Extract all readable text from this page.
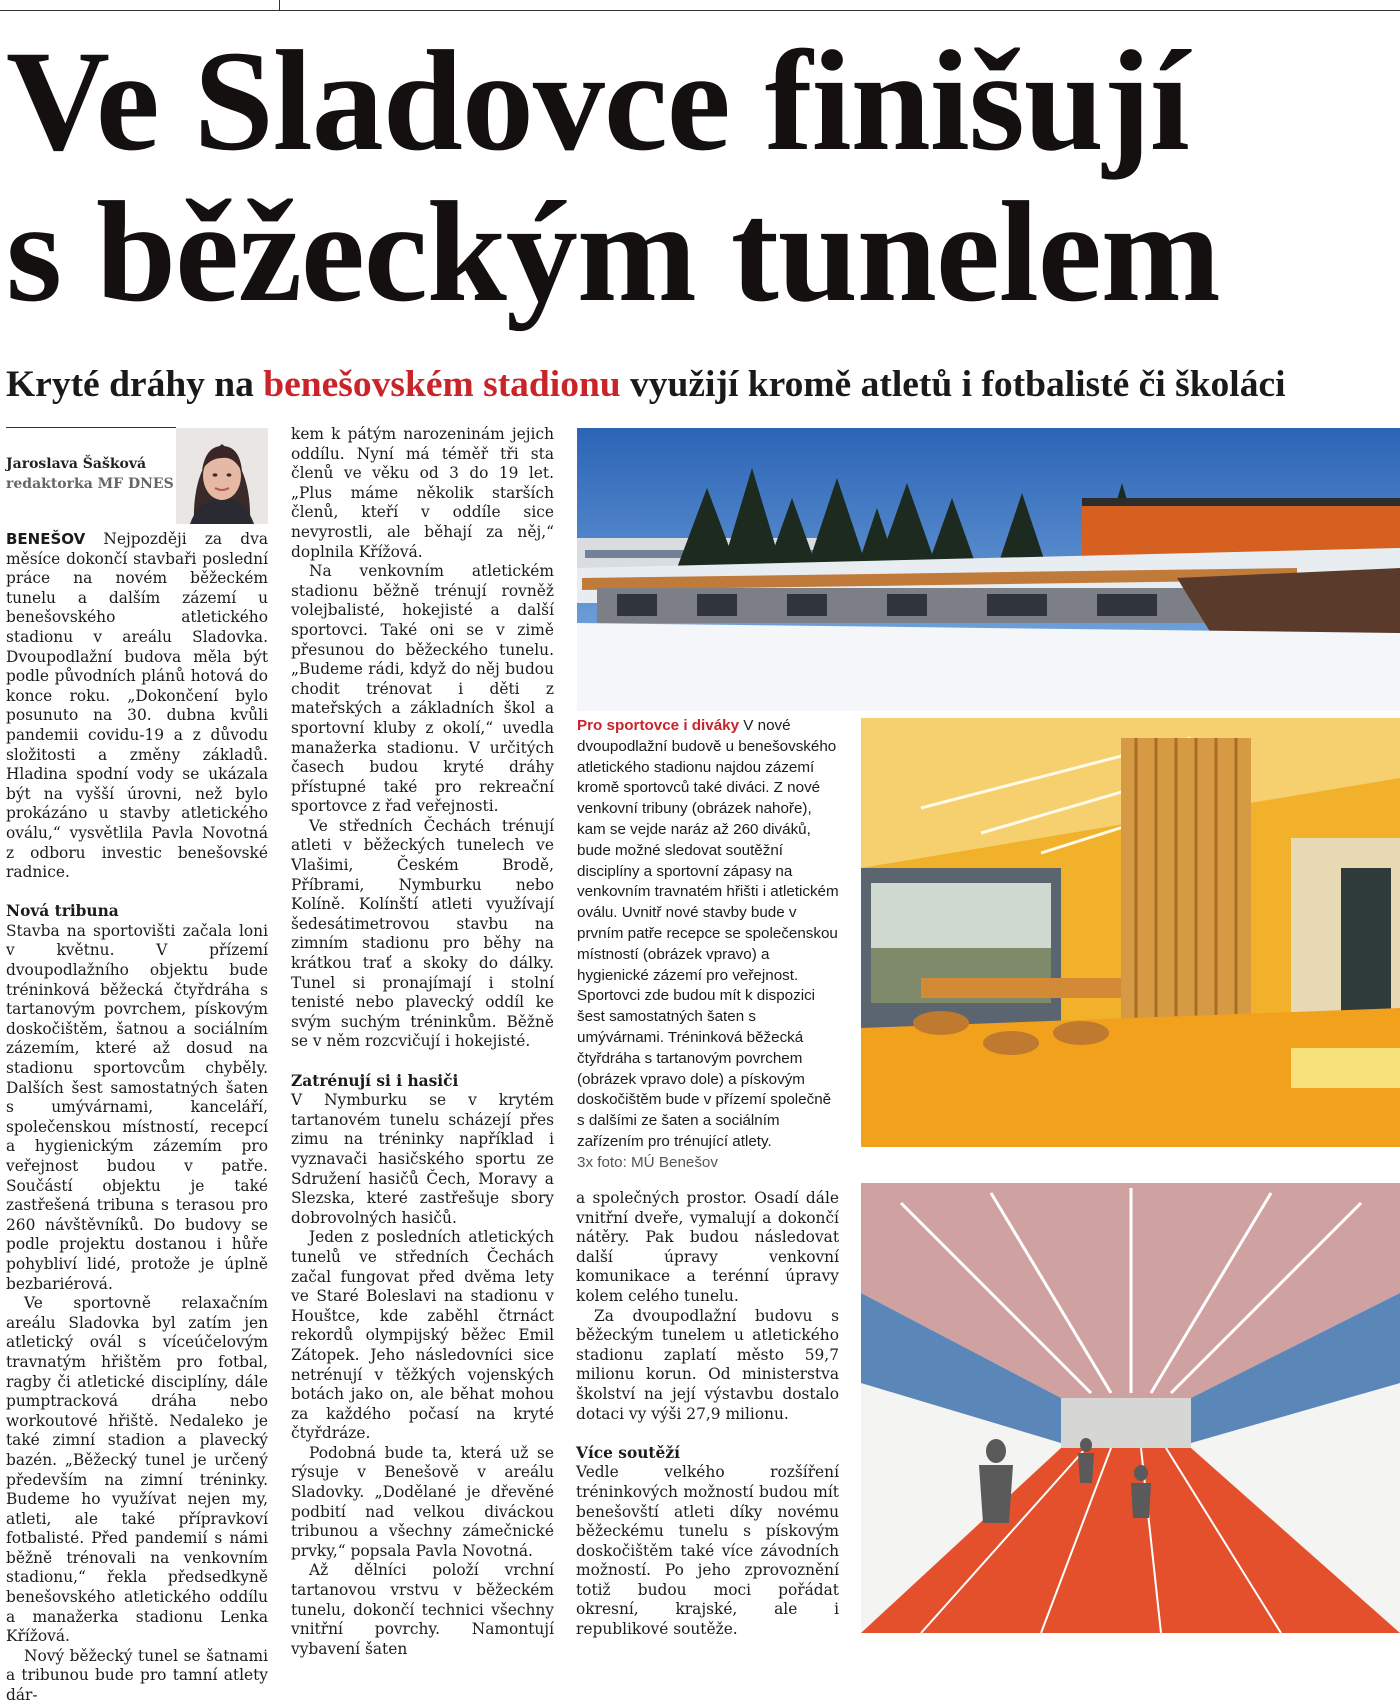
Ve Sladovce finišují
s běžeckým tunelem
Kryté dráhy na benešovském stadionu využijí kromě atletů i fotbalisté či školáci
Jaroslava Šašková
redaktorka MF DNES

BENEŠOV Nejpozději za dva měsíce dokončí stavbaři poslední práce na novém běžeckém tunelu a dalším zázemí u benešovského atletického stadionu v areálu Sladovka. Dvoupodlažní budova měla být podle původních plánů hotová do konce roku. „Dokončení bylo posunuto na 30. dubna kvůli pandemii covidu-19 a z důvodu složitosti a změny základů. Hladina spodní vody se ukázala být na vyšší úrovni, než bylo prokázáno u stavby atletického oválu,“ vysvětlila Pavla Novotná z odboru investic benešovské radnice.

Nová tribuna

Stavba na sportovišti začala loni v květnu. V přízemí dvoupodlažního objektu bude tréninková běžecká čtyřdráha s tartanovým povrchem, pískovým doskočištěm, šatnou a sociálním zázemím, které až dosud na stadionu sportovcům chyběly. Dalších šest samostatných šaten s umývárnami, kanceláří, společenskou místností, recepcí a hygienickým zázemím pro veřejnost budou v patře. Součástí objektu je také zastřešená tribuna s terasou pro 260 návštěvníků. Do budovy se podle projektu dostanou i hůře pohybliví lidé, protože je úplně bezbariérová.

Ve sportovně relaxačním areálu Sladovka byl zatím jen atletický ovál s víceúčelovým travnatým hřištěm pro fotbal, ragby či atletické disciplíny, dále pumptracková dráha nebo workoutové hřiště. Nedaleko je také zimní stadion a plavecký bazén. „Běžecký tunel je určený především na zimní tréninky. Budeme ho využívat nejen my, atleti, ale také přípravkoví fotbalisté. Před pandemií s námi běžně trénovali na venkovním stadionu,“ řekla předsedkyně benešovského atletického oddílu a manažerka stadionu Lenka Křížová.

Nový běžecký tunel se šatnami a tribunou bude pro tamní atlety dár-

kem k pátým narozeninám jejich oddílu. Nyní má téměř tři sta členů ve věku od 3 do 19 let. „Plus máme několik starších členů, kteří v oddíle sice nevyrostli, ale běhají za něj,“ doplnila Křížová.

Na venkovním atletickém stadionu běžně trénují rovněž volejbalisté, hokejisté a další sportovci. Také oni se v zimě přesunou do běžeckého tunelu. „Budeme rádi, když do něj budou chodit trénovat i děti z mateřských a základních škol a sportovní kluby z okolí,“ uvedla manažerka stadionu. V určitých časech budou kryté dráhy přístupné také pro rekreační sportovce z řad veřejnosti.

Ve středních Čechách trénují atleti v běžeckých tunelech ve Vlašimi, Českém Brodě, Příbrami, Nymburku nebo Kolíně. Kolínští atleti využívají šedesátimetrovou stavbu na zimním stadionu pro běhy na krátkou trať a skoky do dálky. Tunel si pronajímají i stolní tenisté nebo plavecký oddíl ke svým suchým tréninkům. Běžně se v něm rozcvičují i hokejisté.

Zatrénují si i hasiči

V Nymburku se v krytém tartanovém tunelu scházejí přes zimu na tréninky například i vyznavači hasičského sportu ze Sdružení hasičů Čech, Moravy a Slezska, které zastřešuje sbory dobrovolných hasičů.

Jeden z posledních atletických tunelů ve středních Čechách začal fungovat před dvěma lety ve Staré Boleslavi na stadionu v Houštce, kde zaběhl čtrnáct rekordů olympijský běžec Emil Zátopek. Jeho následovníci sice netrénují v těžkých vojenských botách jako on, ale běhat mohou za každého počasí na kryté čtyřdráze.

Podobná bude ta, která už se rýsuje v Benešově v areálu Sladovky. „Dodělané je dřevěné podbití nad velkou diváckou tribunou a všechny zámečnické prvky,“ popsala Pavla Novotná.

Až dělníci položí vrchní tartanovou vrstvu v běžeckém tunelu, dokončí technici všechny vnitřní povrchy. Namontují vybavení šaten

a společných prostor. Osadí dále vnitřní dveře, vymalují a dokončí nátěry. Pak budou následovat další úpravy venkovní komunikace a terénní úpravy kolem celého tunelu.

Za dvoupodlažní budovu s běžeckým tunelem u atletického stadionu zaplatí město 59,7 milionu korun. Od ministerstva školství na její výstavbu dostalo dotaci vy výši 27,9 milionu.

Více soutěží

Vedle velkého rozšíření tréninkových možností budou mít benešovští atleti díky novému běžeckému tunelu s pískovým doskočištěm také více závodních možností. Po jeho zprovoznění totiž budou moci pořádat okresní, krajské, ale i republikové soutěže.

Pro sportovce i diváky V nové dvoupodlažní budově u benešovského atletického stadionu najdou zázemí kromě sportovců také diváci. Z nové venkovní tribuny (obrázek nahoře), kam se vejde naráz až 260 diváků, bude možné sledovat soutěžní disciplíny a sportovní zápasy na venkovním travnatém hřišti i atletickém oválu. Uvnitř nové stavby bude v prvním patře recepce se společenskou místností (obrázek vpravo) a hygienické zázemí pro veřejnost. Sportovci zde budou mít k dispozici šest samostatných šaten s umývárnami. Tréninková běžecká čtyřdráha s tartanovým povrchem (obrázek vpravo dole) a pískovým doskočištěm bude v přízemí společně s dalšími ze šaten a sociálním zařízením pro trénující atlety.
3x foto: MÚ Benešov
